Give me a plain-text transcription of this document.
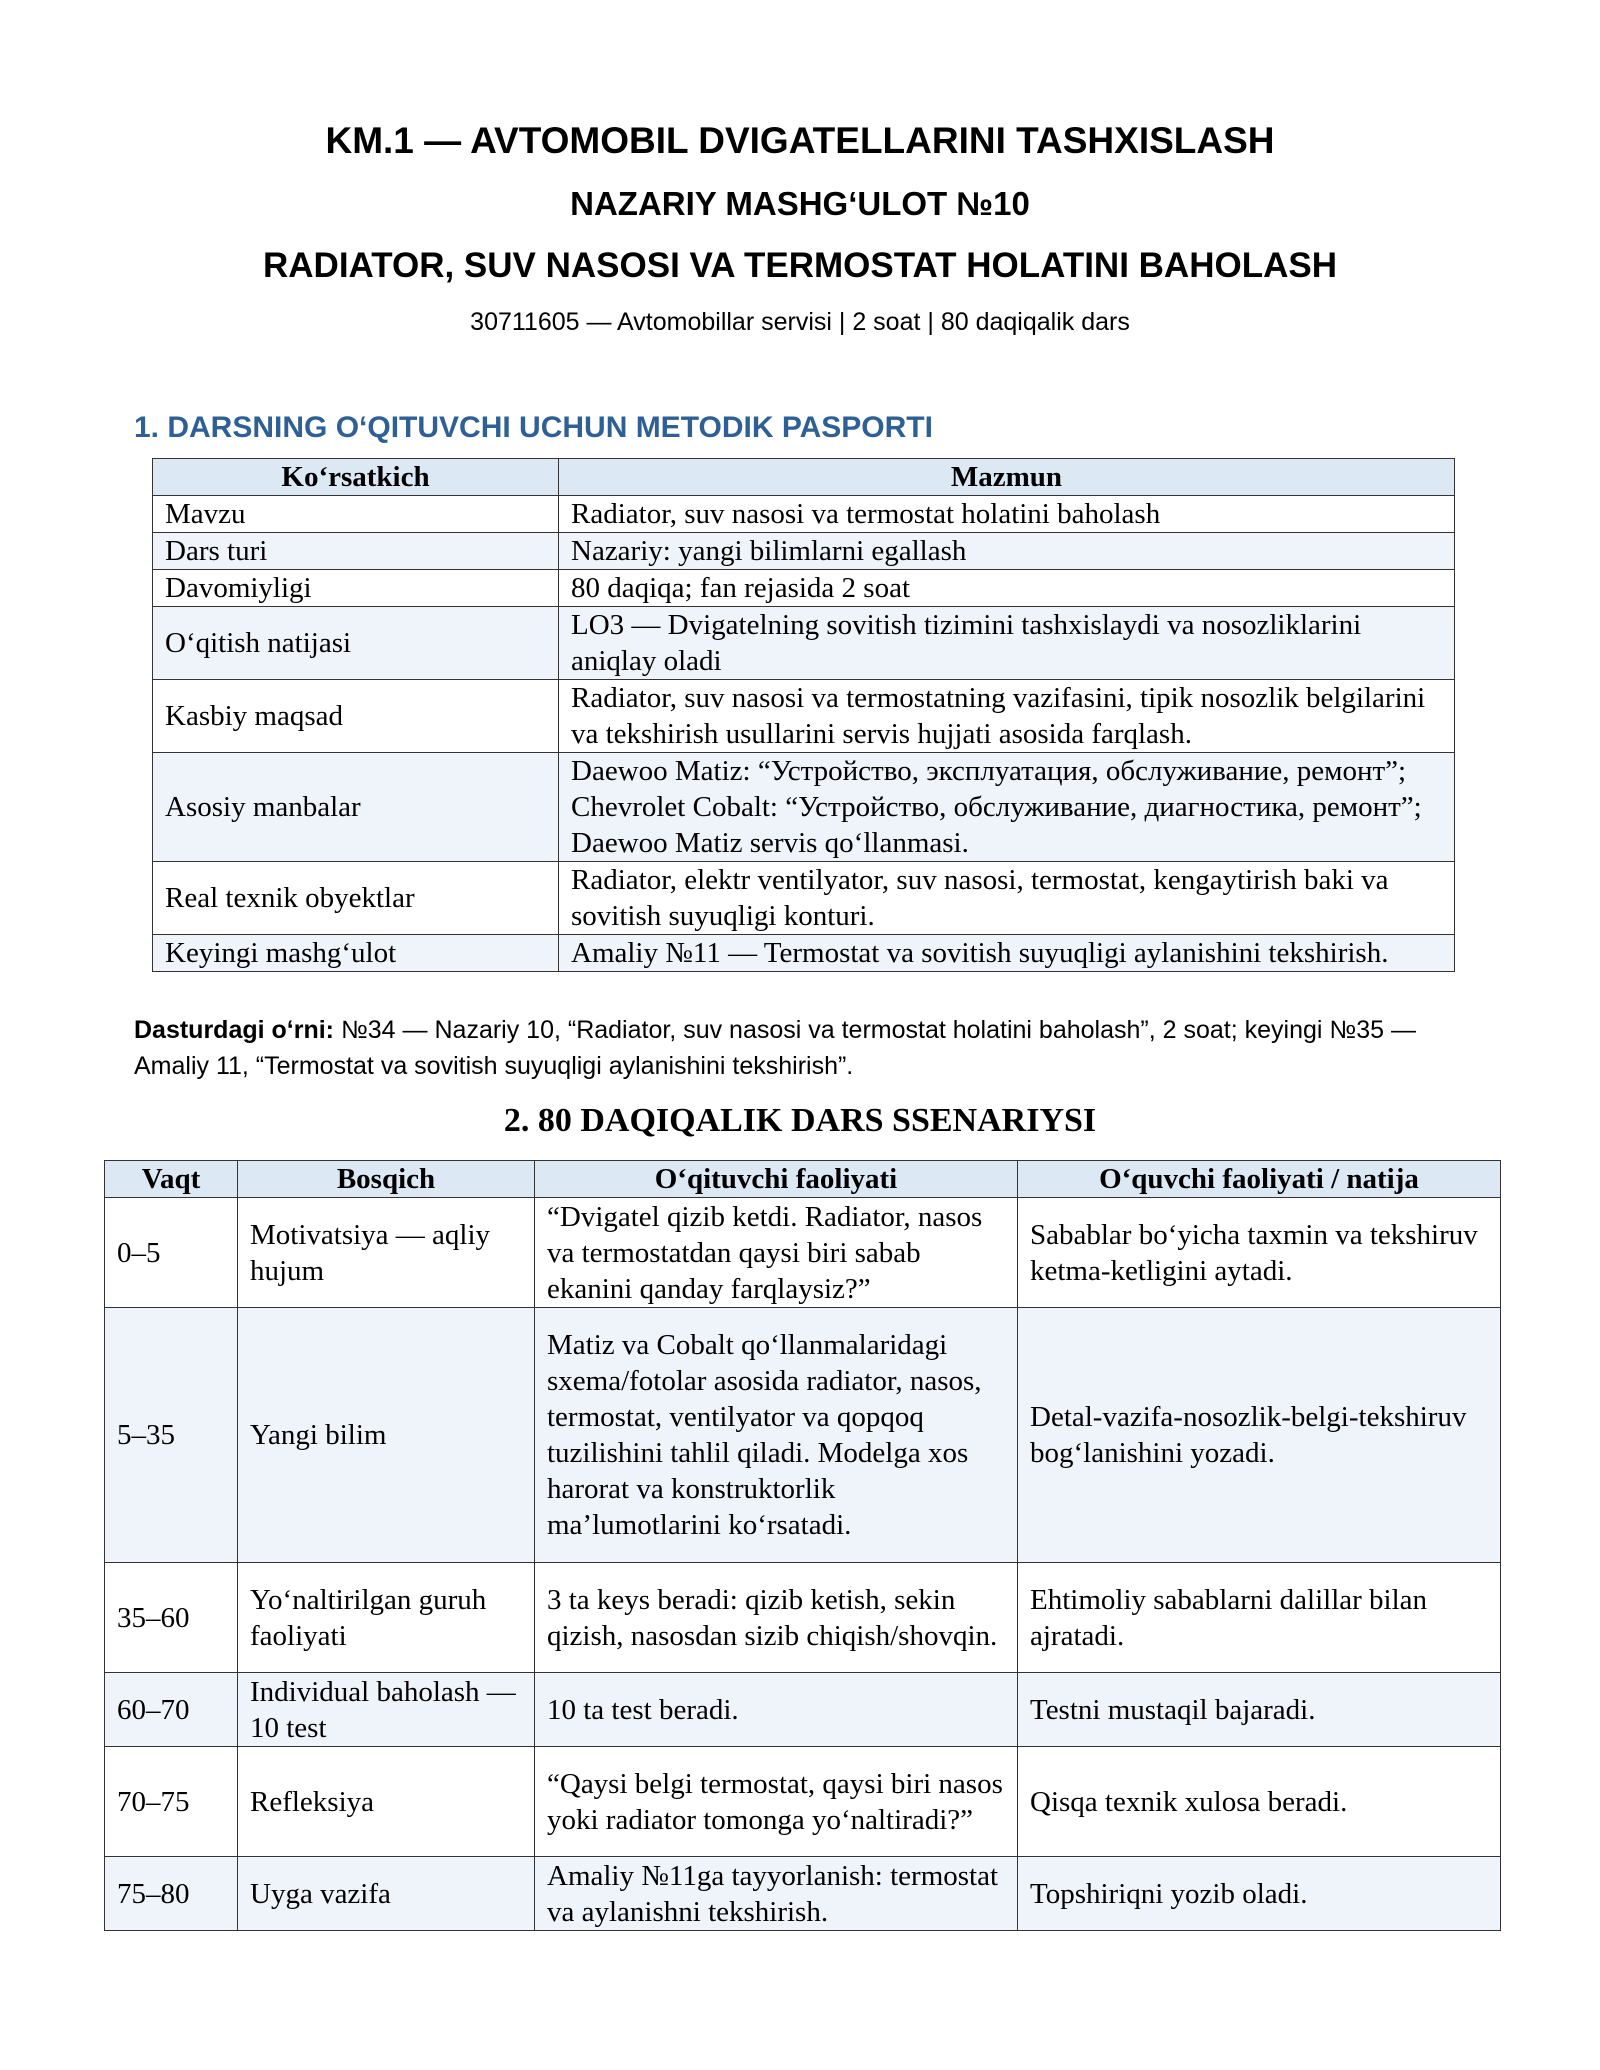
KM.1 — AVTOMOBIL DVIGATELLARINI TASHXISLASH
NAZARIY MASHG‘ULOT №10
RADIATOR, SUV NASOSI VA TERMOSTAT HOLATINI BAHOLASH
30711605 — Avtomobillar servisi | 2 soat | 80 daqiqalik dars
1. DARSNING O‘QITUVCHI UCHUN METODIK PASPORTI
Ko‘rsatkich	Mazmun
Mavzu	Radiator, suv nasosi va termostat holatini baholash
Dars turi	Nazariy: yangi bilimlarni egallash
Davomiyligi	80 daqiqa; fan rejasida 2 soat
O‘qitish natijasi	LO3 — Dvigatelning sovitish tizimini tashxislaydi va nosozliklarini aniqlay oladi
Kasbiy maqsad	Radiator, suv nasosi va termostatning vazifasini, tipik nosozlik belgilarini va tekshirish usullarini servis hujjati asosida farqlash.
Asosiy manbalar	Daewoo Matiz: “Устройство, эксплуатация, обслуживание, ремонт”; Chevrolet Cobalt: “Устройство, обслуживание, диагностика, ремонт”; Daewoo Matiz servis qo‘llanmasi.
Real texnik obyektlar	Radiator, elektr ventilyator, suv nasosi, termostat, kengaytirish baki va sovitish suyuqligi konturi.
Keyingi mashg‘ulot	Amaliy №11 — Termostat va sovitish suyuqligi aylanishini tekshirish.
Dasturdagi o‘rni: №34 — Nazariy 10, “Radiator, suv nasosi va termostat holatini baholash”, 2 soat; keyingi №35 — Amaliy 11, “Termostat va sovitish suyuqligi aylanishini tekshirish”.
2. 80 DAQIQALIK DARS SSENARIYSI
Vaqt	Bosqich	O‘qituvchi faoliyati	O‘quvchi faoliyati / natija
0–5	Motivatsiya — aqliy hujum	“Dvigatel qizib ketdi. Radiator, nasos va termostatdan qaysi biri sabab ekanini qanday farqlaysiz?”	Sabablar bo‘yicha taxmin va tekshiruv ketma-ketligini aytadi.
5–35	Yangi bilim	Matiz va Cobalt qo‘llanmalaridagi sxema/fotolar asosida radiator, nasos, termostat, ventilyator va qopqoq tuzilishini tahlil qiladi. Modelga xos harorat va konstruktorlik ma’lumotlarini ko‘rsatadi.	Detal-vazifa-nosozlik-belgi-tekshiruv bog‘lanishini yozadi.
35–60	Yo‘naltirilgan guruh faoliyati	3 ta keys beradi: qizib ketish, sekin qizish, nasosdan sizib chiqish/shovqin.	Ehtimoliy sabablarni dalillar bilan ajratadi.
60–70	Individual baholash — 10 test	10 ta test beradi.	Testni mustaqil bajaradi.
70–75	Refleksiya	“Qaysi belgi termostat, qaysi biri nasos yoki radiator tomonga yo‘naltiradi?”	Qisqa texnik xulosa beradi.
75–80	Uyga vazifa	Amaliy №11ga tayyorlanish: termostat va aylanishni tekshirish.	Topshiriqni yozib oladi.
